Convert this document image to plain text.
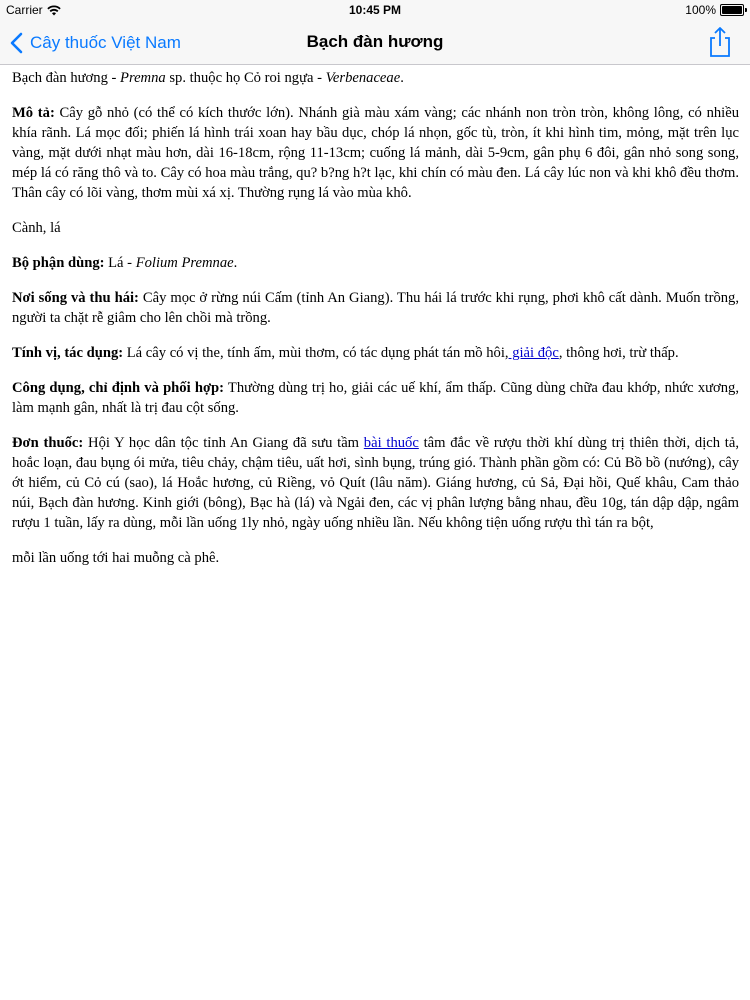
Carrier	10:45 PM	100%
Cây thuốc Việt Nam	Bạch đàn hương

Bạch đàn hương - Premna sp. thuộc họ Cỏ roi ngựa - Verbenaceae.

Mô tả: Cây gỗ nhỏ (có thể có kích thước lớn). Nhánh già màu xám vàng; các nhánh non tròn tròn, không lông, có nhiều khía rãnh. Lá mọc đối; phiến lá hình trái xoan hay bầu dục, chóp lá nhọn, gốc tù, tròn, ít khi hình tim, mỏng, mặt trên lục vàng, mặt dưới nhạt màu hơn, dài 16-18cm, rộng 11-13cm; cuống lá mảnh, dài 5-9cm, gân phụ 6 đôi, gân nhỏ song song, mép lá có răng thô và to. Cây có hoa màu trắng, qu? b?ng h?t lạc, khi chín có màu đen. Lá cây lúc non và khi khô đều thơm. Thân cây có lõi vàng, thơm mùi xá xị. Thường rụng lá vào mùa khô.

Cành, lá

Bộ phận dùng: Lá - Folium Premnae.

Nơi sống và thu hái: Cây mọc ở rừng núi Cấm (tỉnh An Giang). Thu hái lá trước khi rụng, phơi khô cất dành. Muốn trồng, người ta chặt rễ giâm cho lên chồi mà trồng.

Tính vị, tác dụng: Lá cây có vị the, tính ấm, mùi thơm, có tác dụng phát tán mồ hôi, giải độc, thông hơi, trừ thấp.

Công dụng, chỉ định và phối hợp: Thường dùng trị ho, giải các uế khí, ẩm thấp. Cũng dùng chữa đau khớp, nhức xương, làm mạnh gân, nhất là trị đau cột sống.

Đơn thuốc: Hội Y học dân tộc tỉnh An Giang đã sưu tầm bài thuốc tâm đắc về rượu thời khí dùng trị thiên thời, dịch tả, hoắc loạn, đau bụng ói mửa, tiêu chảy, chậm tiêu, uất hơi, sình bụng, trúng gió. Thành phần gồm có: Củ Bồ bồ (nướng), cây ớt hiểm, củ Cỏ cú (sao), lá Hoắc hương, củ Riềng, vỏ Quít (lâu năm). Giáng hương, củ Sả, Đại hồi, Quế khâu, Cam thảo núi, Bạch đàn hương. Kinh giới (bông), Bạc hà (lá) và Ngải đen, các vị phân lượng bằng nhau, đều 10g, tán dập dập, ngâm rượu 1 tuần, lấy ra dùng, mỗi lần uống 1ly nhỏ, ngày uống nhiều lần. Nếu không tiện uống rượu thì tán ra bột,

mỗi lần uống tới hai muỗng cà phê.
